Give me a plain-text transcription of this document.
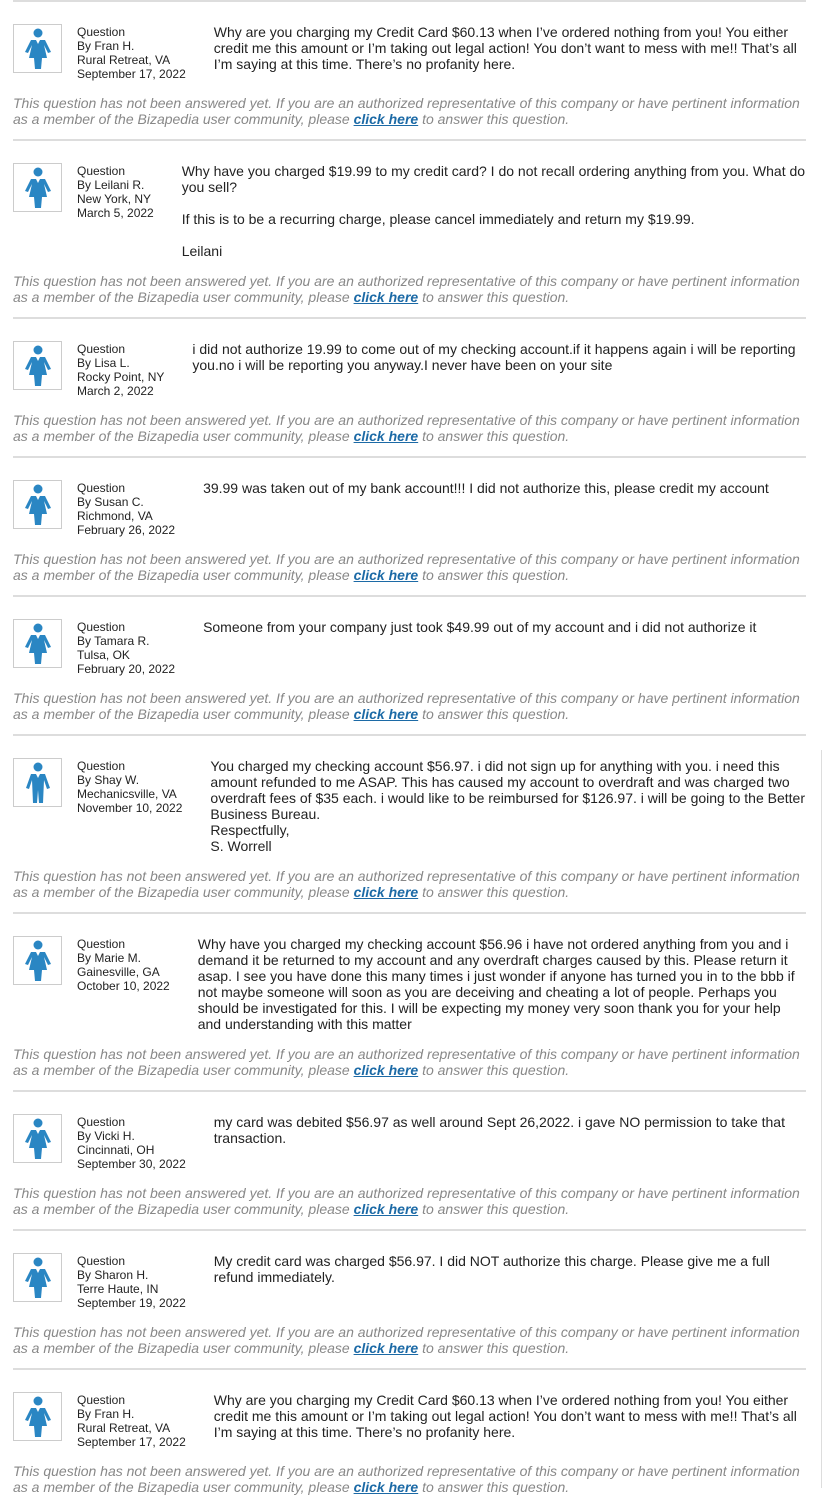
Question
By Fran H.
Rural Retreat, VA
September 17, 2022

Why are you charging my Credit Card $60.13 when I’ve ordered nothing from you! You either credit me this amount or I’m taking out legal action! You don’t want to mess with me!! That’s all I’m saying at this time. There’s no profanity here.

This question has not been answered yet. If you are an authorized representative of this company or have pertinent information as a member of the Bizapedia user community, please click here to answer this question.
Question
By Leilani R.
New York, NY
March 5, 2022

Why have you charged $19.99 to my credit card? I do not recall ordering anything from you. What do you sell?

If this is to be a recurring charge, please cancel immediately and return my $19.99.

Leilani

This question has not been answered yet. If you are an authorized representative of this company or have pertinent information as a member of the Bizapedia user community, please click here to answer this question.
Question
By Lisa L.
Rocky Point, NY
March 2, 2022

i did not authorize 19.99 to come out of my checking account.if it happens again i will be reporting you.no i will be reporting you anyway.I never have been on your site

This question has not been answered yet. If you are an authorized representative of this company or have pertinent information as a member of the Bizapedia user community, please click here to answer this question.
Question
By Susan C.
Richmond, VA
February 26, 2022

39.99 was taken out of my bank account!!! I did not authorize this, please credit my account

This question has not been answered yet. If you are an authorized representative of this company or have pertinent information as a member of the Bizapedia user community, please click here to answer this question.
Question
By Tamara R.
Tulsa, OK
February 20, 2022

Someone from your company just took $49.99 out of my account and i did not authorize it

This question has not been answered yet. If you are an authorized representative of this company or have pertinent information as a member of the Bizapedia user community, please click here to answer this question.
Question
By Shay W.
Mechanicsville, VA
November 10, 2022

You charged my checking account $56.97. i did not sign up for anything with you. i need this amount refunded to me ASAP. This has caused my account to overdraft and was charged two overdraft fees of $35 each. i would like to be reimbursed for $126.97. i will be going to the Better Business Bureau.

Respectfully,

S. Worrell

This question has not been answered yet. If you are an authorized representative of this company or have pertinent information as a member of the Bizapedia user community, please click here to answer this question.
Question
By Marie M.
Gainesville, GA
October 10, 2022

Why have you charged my checking account $56.96 i have not ordered anything from you and i demand it be returned to my account and any overdraft charges caused by this. Please return it asap. I see you have done this many times i just wonder if anyone has turned you in to the bbb if not maybe someone will soon as you are deceiving and cheating a lot of people. Perhaps you should be investigated for this. I will be expecting my money very soon thank you for your help and understanding with this matter

This question has not been answered yet. If you are an authorized representative of this company or have pertinent information as a member of the Bizapedia user community, please click here to answer this question.
Question
By Vicki H.
Cincinnati, OH
September 30, 2022

my card was debited $56.97 as well around Sept 26,2022. i gave NO permission to take that transaction.

This question has not been answered yet. If you are an authorized representative of this company or have pertinent information as a member of the Bizapedia user community, please click here to answer this question.
Question
By Sharon H.
Terre Haute, IN
September 19, 2022

My credit card was charged $56.97. I did NOT authorize this charge. Please give me a full refund immediately.

This question has not been answered yet. If you are an authorized representative of this company or have pertinent information as a member of the Bizapedia user community, please click here to answer this question.
Question
By Fran H.
Rural Retreat, VA
September 17, 2022

Why are you charging my Credit Card $60.13 when I’ve ordered nothing from you! You either credit me this amount or I’m taking out legal action! You don’t want to mess with me!! That’s all I’m saying at this time. There’s no profanity here.

This question has not been answered yet. If you are an authorized representative of this company or have pertinent information as a member of the Bizapedia user community, please click here to answer this question.
